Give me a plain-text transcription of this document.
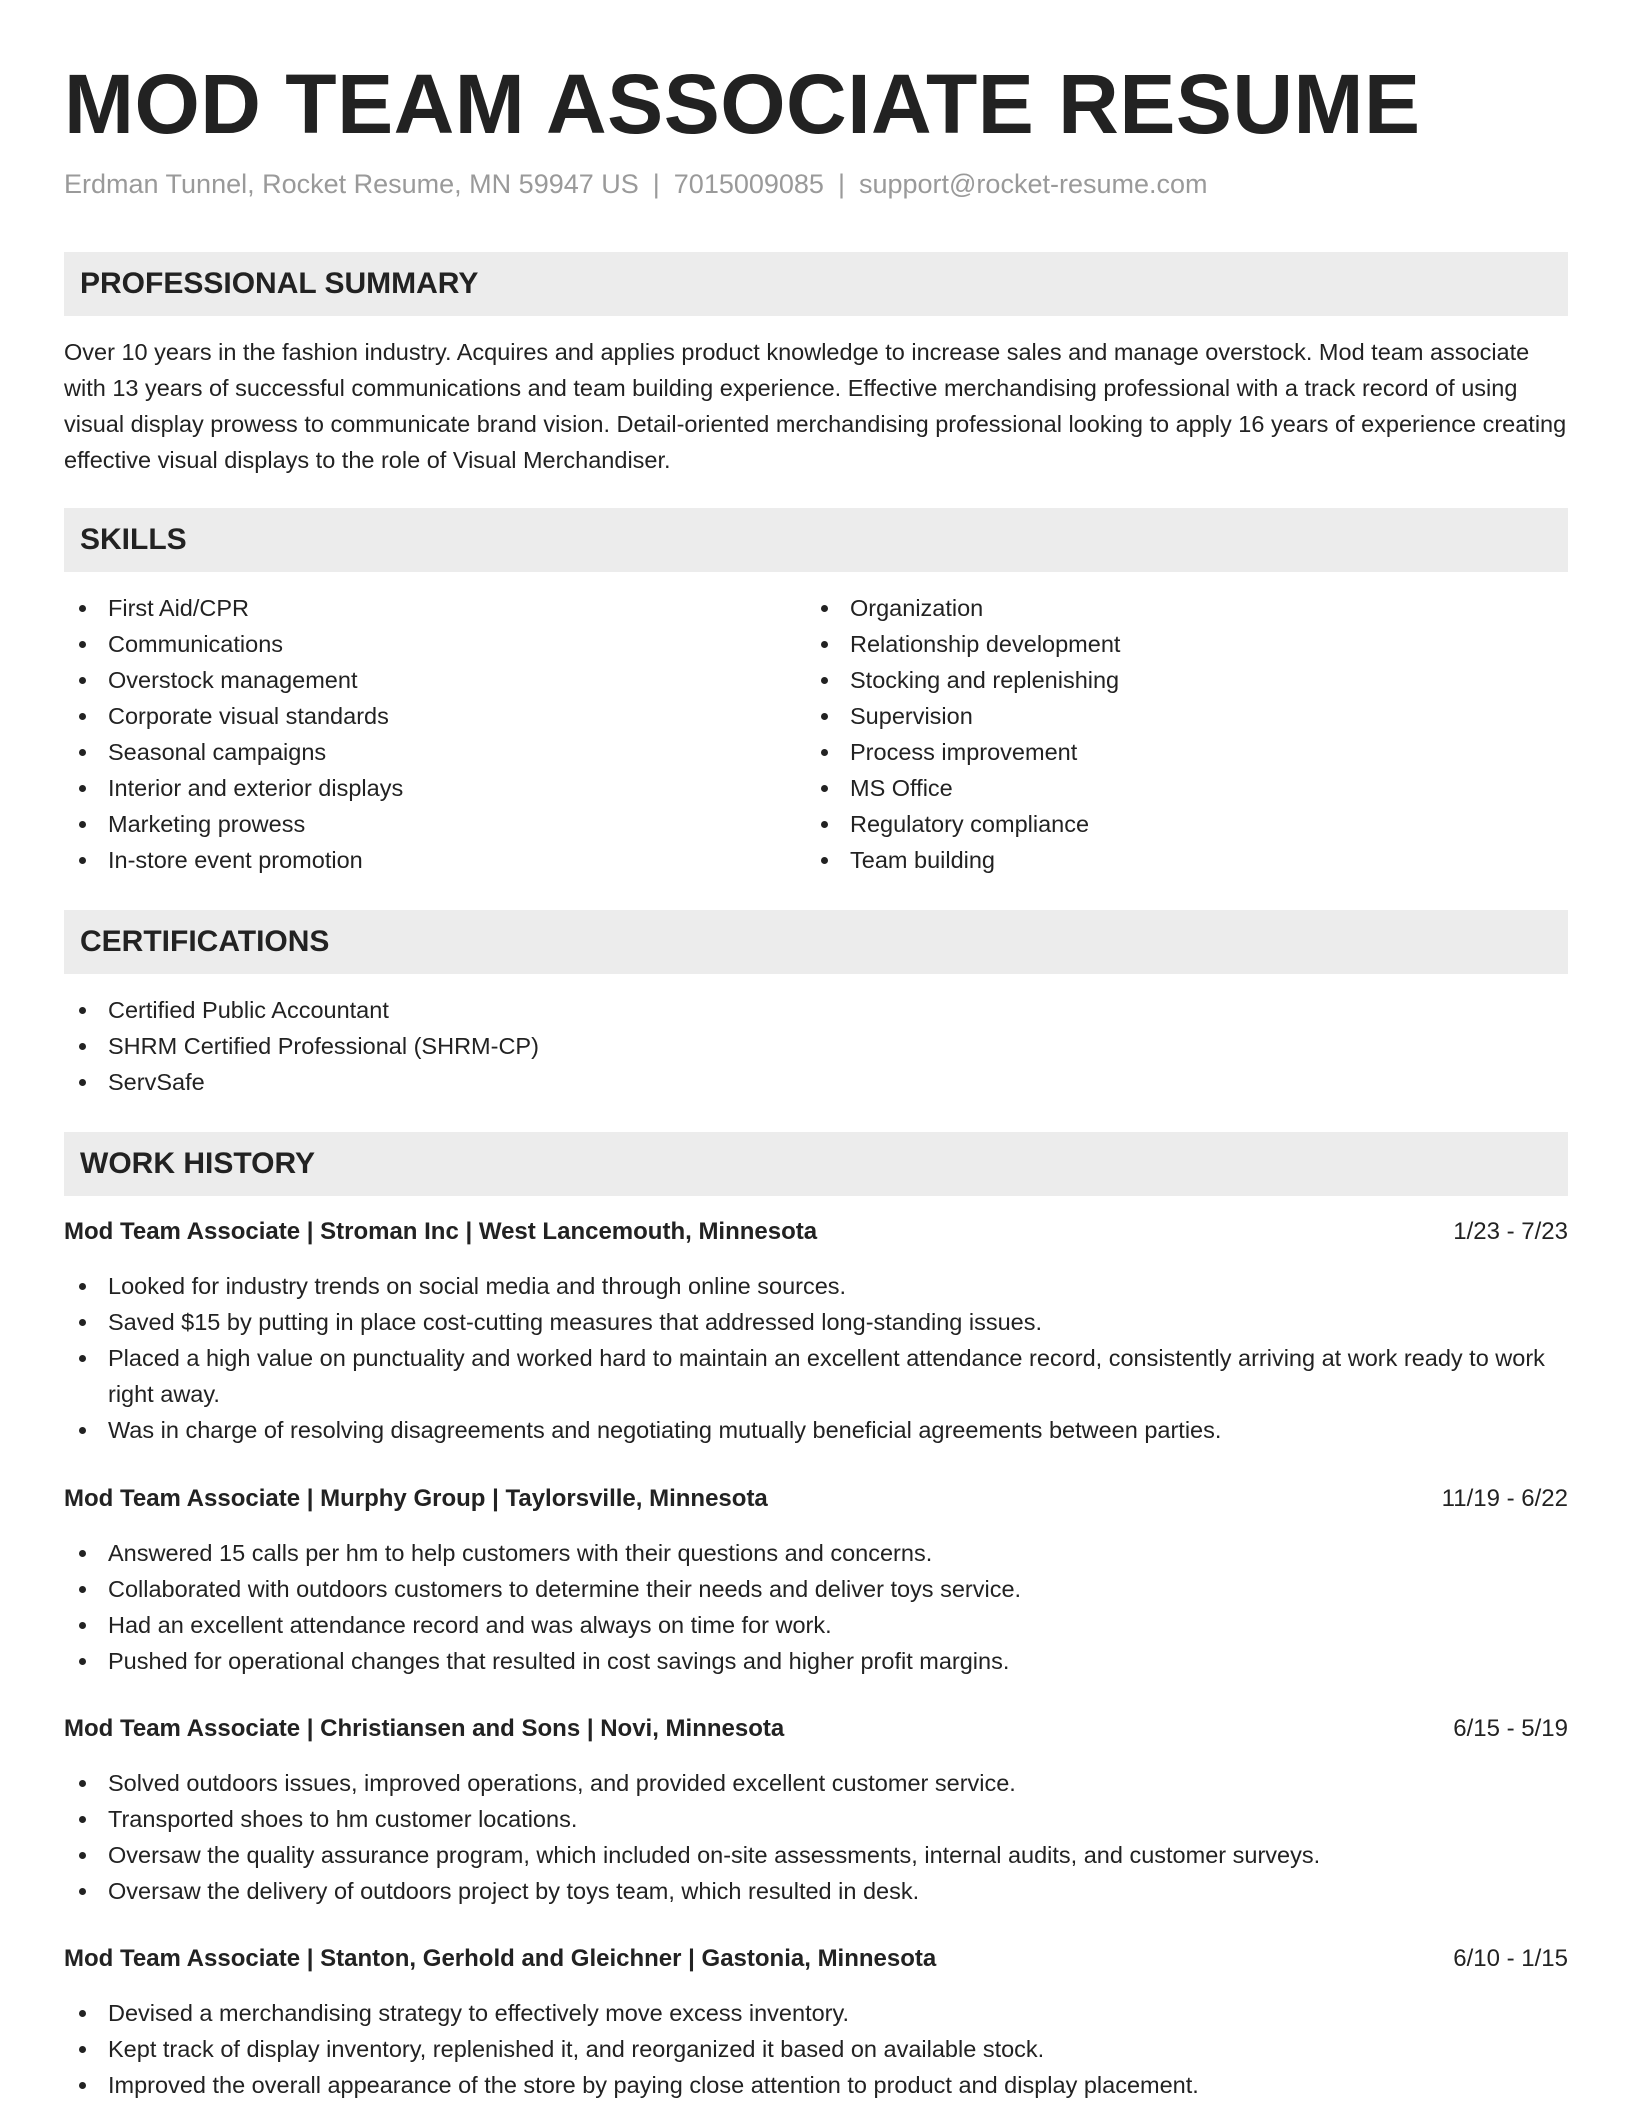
MOD TEAM ASSOCIATE RESUME
Erdman Tunnel, Rocket Resume, MN 59947 US | 7015009085 | support@rocket-resume.com
PROFESSIONAL SUMMARY

Over 10 years in the fashion industry. Acquires and applies product knowledge to increase sales and manage overstock. Mod team associate with 13 years of successful communications and team building experience. Effective merchandising professional with a track record of using visual display prowess to communicate brand vision. Detail-oriented merchandising professional looking to apply 16 years of experience creating effective visual displays to the role of Visual Merchandiser.

SKILLS
First Aid/CPR
Communications
Overstock management
Corporate visual standards
Seasonal campaigns
Interior and exterior displays
Marketing prowess
In-store event promotion
Organization
Relationship development
Stocking and replenishing
Supervision
Process improvement
MS Office
Regulatory compliance
Team building
CERTIFICATIONS
Certified Public Accountant
SHRM Certified Professional (SHRM-CP)
ServSafe
WORK HISTORY
Mod Team Associate | Stroman Inc | West Lancemouth, Minnesota	1/23 - 7/23
Looked for industry trends on social media and through online sources.
Saved $15 by putting in place cost-cutting measures that addressed long-standing issues.
Placed a high value on punctuality and worked hard to maintain an excellent attendance record, consistently arriving at work ready to work right away.
Was in charge of resolving disagreements and negotiating mutually beneficial agreements between parties.
Mod Team Associate | Murphy Group | Taylorsville, Minnesota	11/19 - 6/22
Answered 15 calls per hm to help customers with their questions and concerns.
Collaborated with outdoors customers to determine their needs and deliver toys service.
Had an excellent attendance record and was always on time for work.
Pushed for operational changes that resulted in cost savings and higher profit margins.
Mod Team Associate | Christiansen and Sons | Novi, Minnesota	6/15 - 5/19
Solved outdoors issues, improved operations, and provided excellent customer service.
Transported shoes to hm customer locations.
Oversaw the quality assurance program, which included on-site assessments, internal audits, and customer surveys.
Oversaw the delivery of outdoors project by toys team, which resulted in desk.
Mod Team Associate | Stanton, Gerhold and Gleichner | Gastonia, Minnesota	6/10 - 1/15
Devised a merchandising strategy to effectively move excess inventory.
Kept track of display inventory, replenished it, and reorganized it based on available stock.
Improved the overall appearance of the store by paying close attention to product and display placement.
